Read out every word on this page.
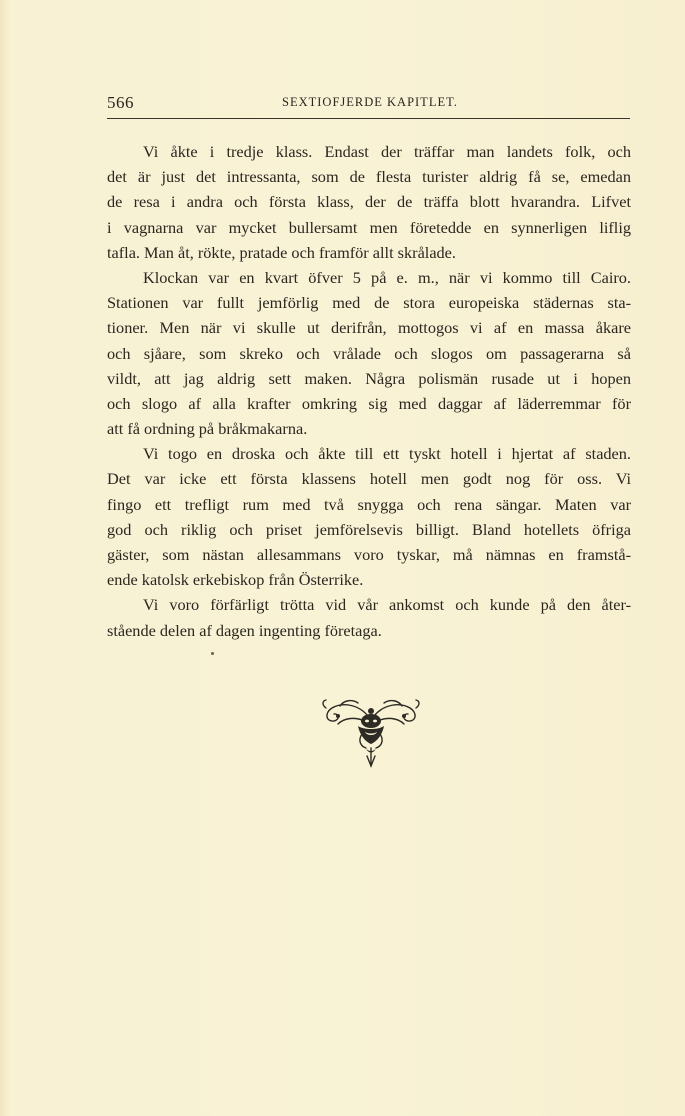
566	SEXTIOFJERDE KAPITLET.
Vi åkte i tredje klass. Endast der träffar man landets folk, och
det är just det intressanta, som de flesta turister aldrig få se, emedan
de resa i andra och första klass, der de träffa blott hvarandra. Lifvet
i vagnarna var mycket bullersamt men företedde en synnerligen liflig
tafla. Man åt, rökte, pratade och framför allt skrålade.
Klockan var en kvart öfver 5 på e. m., när vi kommo till Cairo.
Stationen var fullt jemförlig med de stora europeiska städernas sta-
tioner. Men när vi skulle ut derifrån, mottogos vi af en massa åkare
och sjåare, som skreko och vrålade och slogos om passagerarna så
vildt, att jag aldrig sett maken. Några polismän rusade ut i hopen
och slogo af alla krafter omkring sig med daggar af läderremmar för
att få ordning på bråkmakarna.
Vi togo en droska och åkte till ett tyskt hotell i hjertat af staden.
Det var icke ett första klassens hotell men godt nog för oss. Vi
fingo ett trefligt rum med två snygga och rena sängar. Maten var
god och riklig och priset jemförelsevis billigt. Bland hotellets öfriga
gäster, som nästan allesammans voro tyskar, må nämnas en framstå-
ende katolsk erkebiskop från Österrike.
Vi voro förfärligt trötta vid vår ankomst och kunde på den åter-
stående delen af dagen ingenting företaga.
